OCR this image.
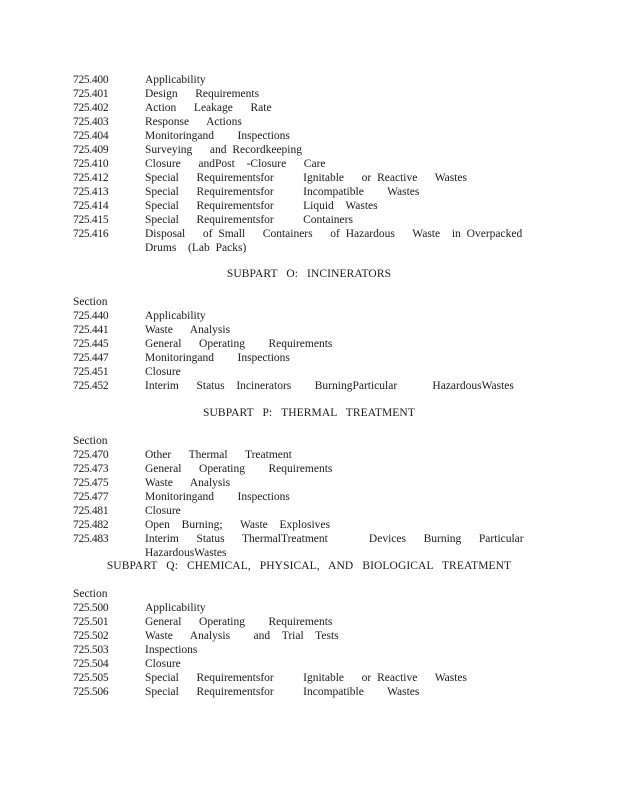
725.400	Applicability
725.401	Design   Requirements
725.402	Action   Leakage   Rate
725.403	Response   Actions
725.404	Monitoringand    Inspections
725.409	Surveying   and Recordkeeping
725.410	Closure   andPost  -Closure   Care
725.412	Special   Requirementsfor     Ignitable   or Reactive   Wastes
725.413	Special   Requirementsfor     Incompatible    Wastes
725.414	Special   Requirementsfor     Liquid  Wastes
725.415	Special   Requirementsfor     Containers
725.416	Disposal   of Small   Containers   of Hazardous   Waste  in Overpacked    Drums  (Lab Packs)
SUBPART O: INCINERATORS
Section
725.440	Applicability
725.441	Waste   Analysis
725.445	General   Operating    Requirements
725.447	Monitoringand    Inspections
725.451	Closure
725.452	Interim   Status  Incinerators    BurningParticular      HazardousWastes
SUBPART P: THERMAL TREATMENT
Section
725.470	Other   Thermal   Treatment
725.473	General   Operating    Requirements
725.475	Waste   Analysis
725.477	Monitoringand    Inspections
725.481	Closure
725.482	Open  Burning;   Waste  Explosives
725.483	Interim   Status   ThermalTreatment       Devices   Burning   Particular    HazardousWastes
SUBPART Q: CHEMICAL, PHYSICAL, AND BIOLOGICAL TREATMENT
Section
725.500	Applicability
725.501	General   Operating    Requirements
725.502	Waste   Analysis    and  Trial  Tests
725.503	Inspections
725.504	Closure
725.505	Special   Requirementsfor     Ignitable   or Reactive   Wastes
725.506	Special   Requirementsfor     Incompatible    Wastes
